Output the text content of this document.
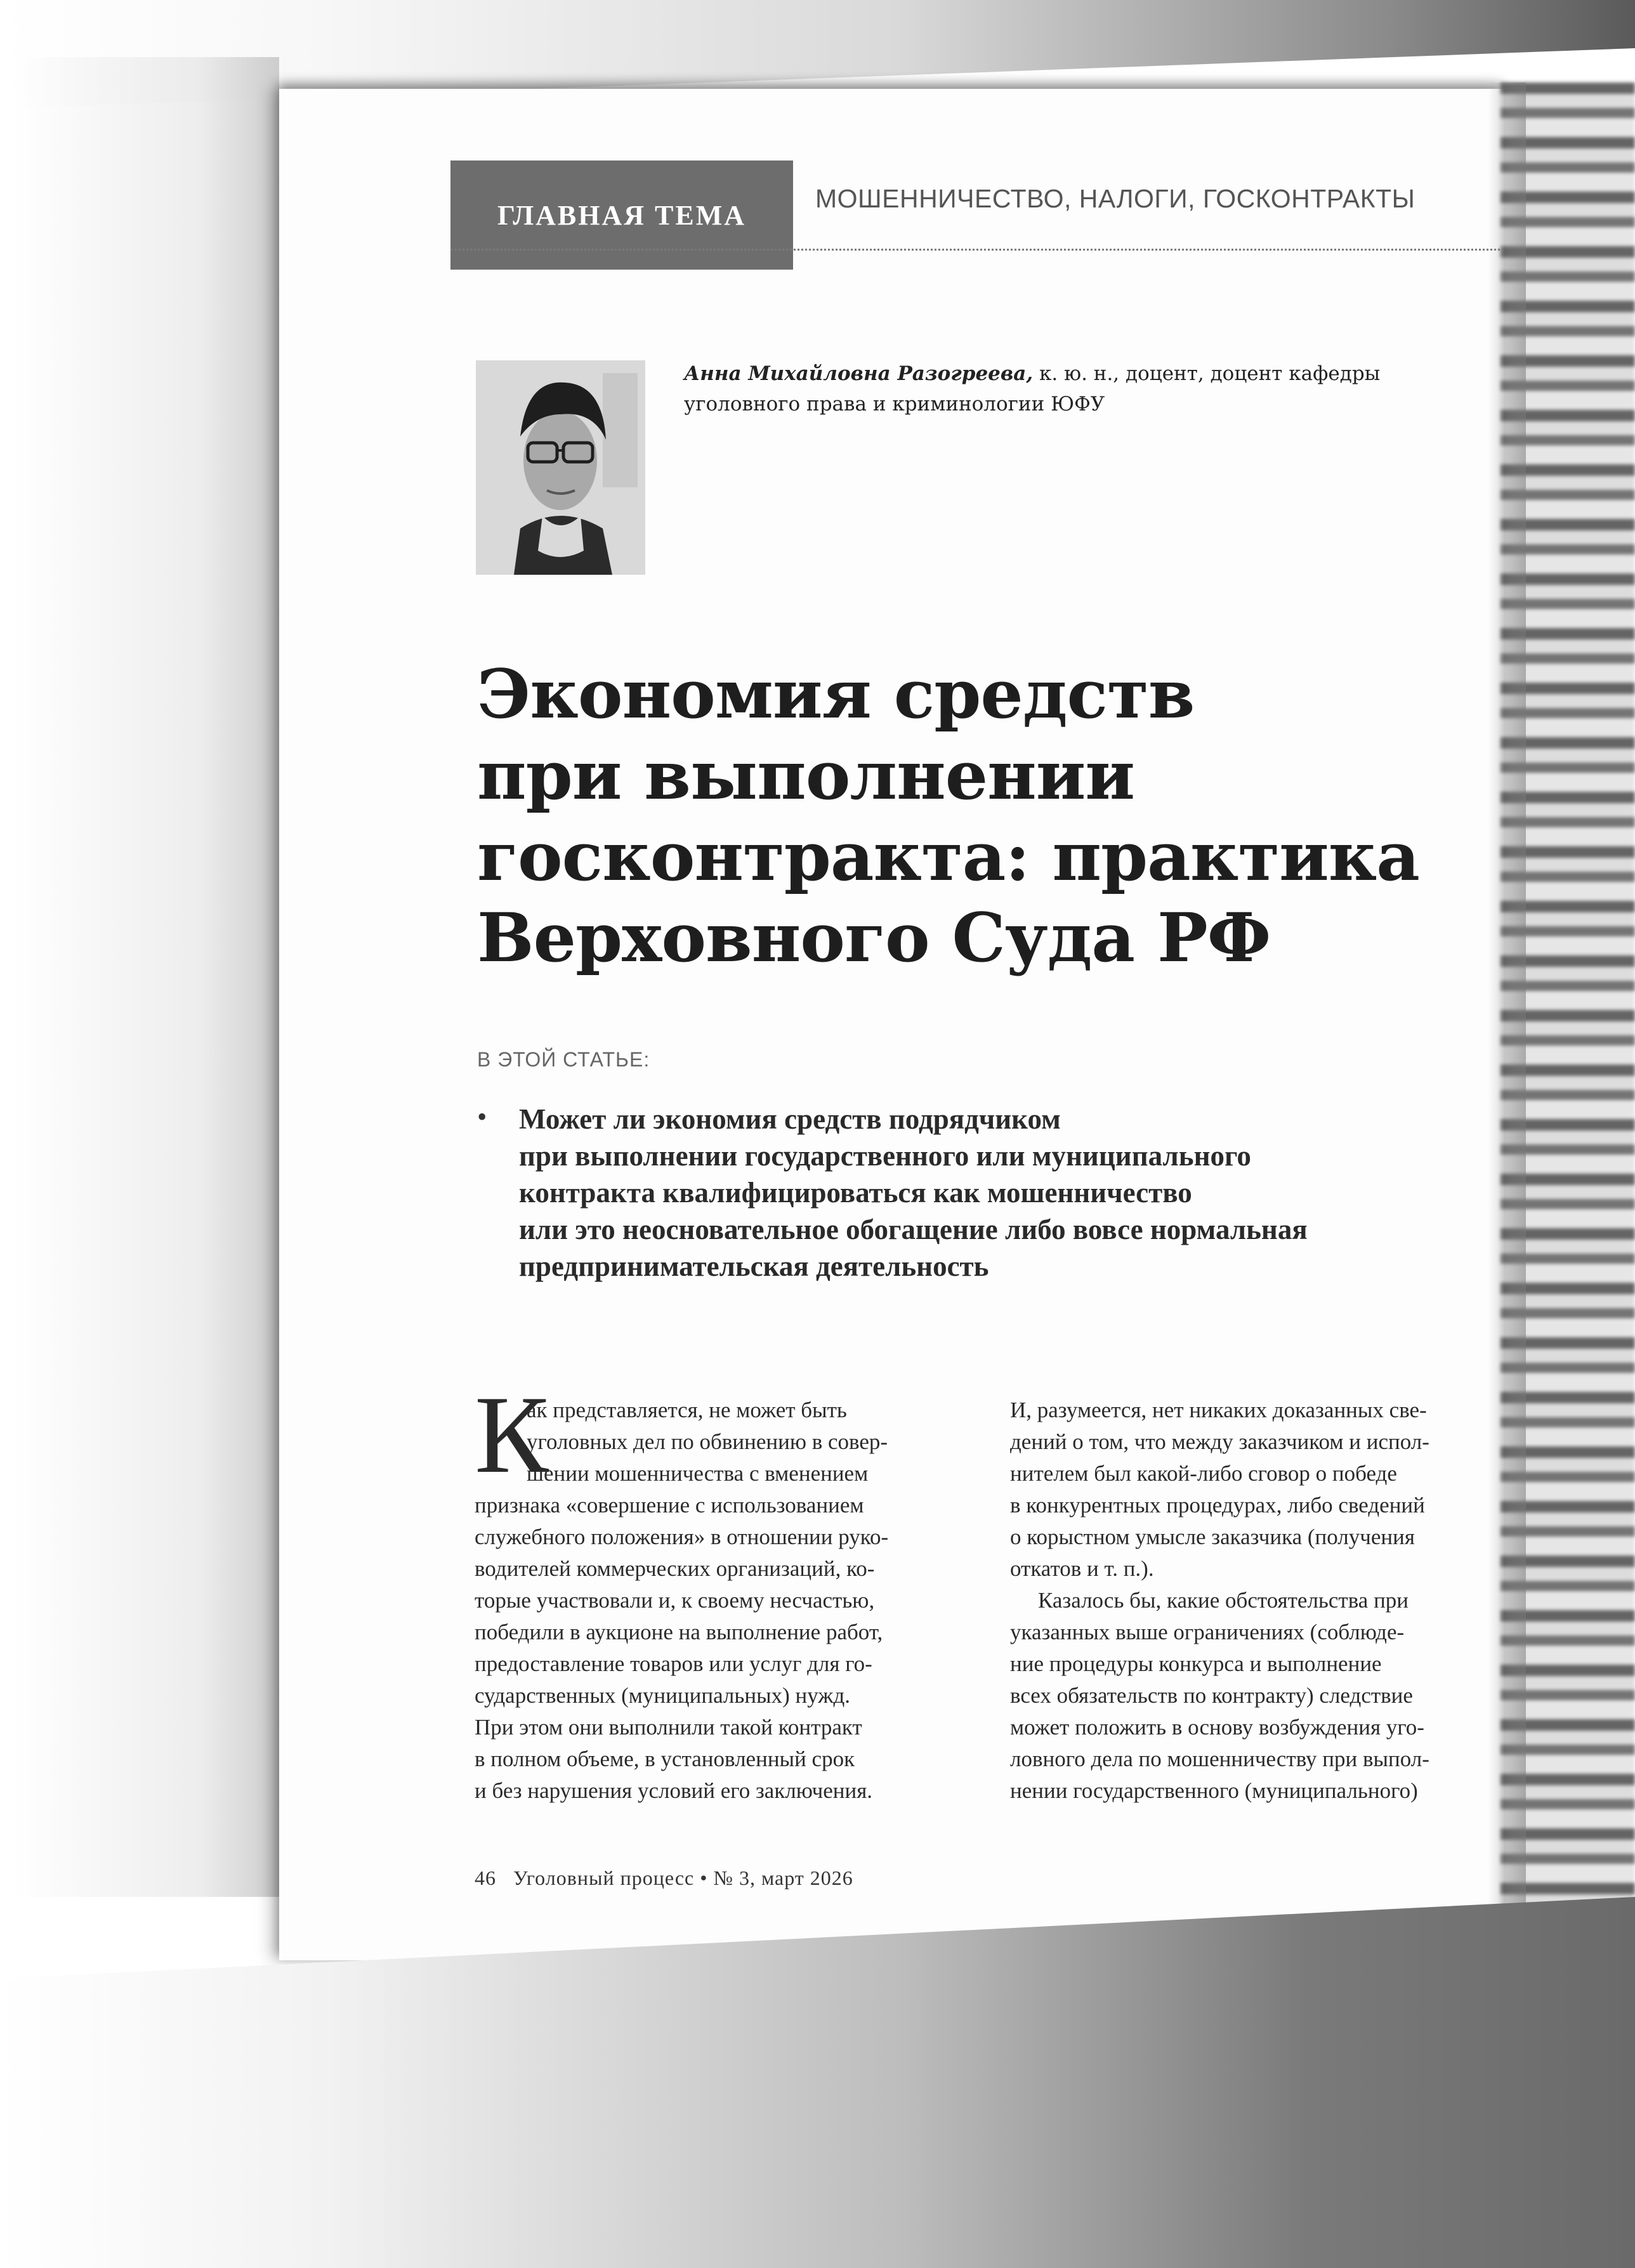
ГЛАВНАЯ ТЕМА
МОШЕННИЧЕСТВО, НАЛОГИ, ГОСКОНТРАКТЫ
Анна Михайловна Разогреева, к. ю. н., доцент, доцент кафедры
уголовного права и криминологии ЮФУ
Экономия средств
при выполнении
госконтракта: практика
Верховного Суда РФ
В ЭТОЙ СТАТЬЕ:
• Может ли экономия средств подрядчиком
при выполнении государственного или муниципального
контракта квалифицироваться как мошенничество
или это неосновательное обогащение либо вовсе нормальная
предпринимательская деятельность
К
ак представляется, не может быть
уголовных дел по обвинению в совер-
шении мошенничества с вменением
признака «совершение с использованием
служебного положения» в отношении руко-
водителей коммерческих организаций, ко-
торые участвовали и, к своему несчастью,
победили в аукционе на выполнение работ,
предоставление товаров или услуг для го-
сударственных (муниципальных) нужд.
При этом они выполнили такой контракт
в полном объеме, в установленный срок
и без нарушения условий его заключения.
И, разумеется, нет никаких доказанных све-
дений о том, что между заказчиком и испол-
нителем был какой-либо сговор о победе
в конкурентных процедурах, либо сведений
о корыстном умысле заказчика (получения
откатов и т. п.).
Казалось бы, какие обстоятельства при
указанных выше ограничениях (соблюде-
ние процедуры конкурса и выполнение
всех обязательств по контракту) следствие
может положить в основу возбуждения уго-
ловного дела по мошенничеству при выпол-
нении государственного (муниципального)
46 Уголовный процесс • № 3, март 2026
